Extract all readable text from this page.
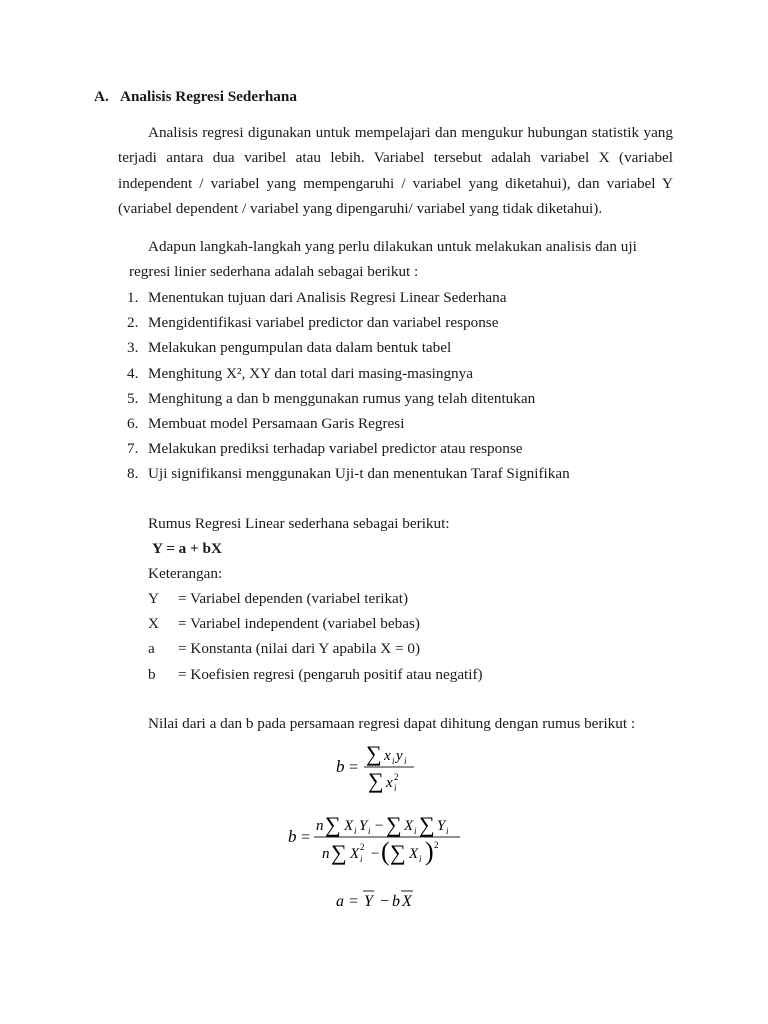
A. Analisis Regresi Sederhana
Analisis regresi digunakan untuk mempelajari dan mengukur hubungan statistik yang terjadi antara dua varibel atau lebih. Variabel tersebut adalah variabel X (variabel independent / variabel yang mempengaruhi / variabel yang diketahui), dan variabel Y (variabel dependent / variabel yang dipengaruhi/ variabel yang tidak diketahui).
Adapun langkah-langkah yang perlu dilakukan untuk melakukan analisis dan uji
regresi linier sederhana adalah sebagai berikut :
1. Menentukan tujuan dari Analisis Regresi Linear Sederhana
2. Mengidentifikasi variabel predictor dan variabel response
3. Melakukan pengumpulan data dalam bentuk tabel
4. Menghitung X², XY dan total dari masing-masingnya
5. Menghitung a dan b menggunakan rumus yang telah ditentukan
6. Membuat model Persamaan Garis Regresi
7. Melakukan prediksi terhadap variabel predictor atau response
8. Uji signifikansi menggunakan Uji-t dan menentukan Taraf Signifikan
Rumus Regresi Linear sederhana sebagai berikut:
Y = a + bX
Keterangan:
Y = Variabel dependen (variabel terikat)
X = Variabel independent (variabel bebas)
a = Konstanta (nilai dari Y apabila X = 0)
b = Koefisien regresi (pengaruh positif atau negatif)
Nilai dari a dan b pada persamaan regresi dapat dihitung dengan rumus berikut :
b =
∑ x i y i
∑ x i
2
b =
n ∑ X i Y i − ∑ X i ∑ Y i
n ∑ X i
2 − ( ∑ X i ) 2
a = Y − b X
